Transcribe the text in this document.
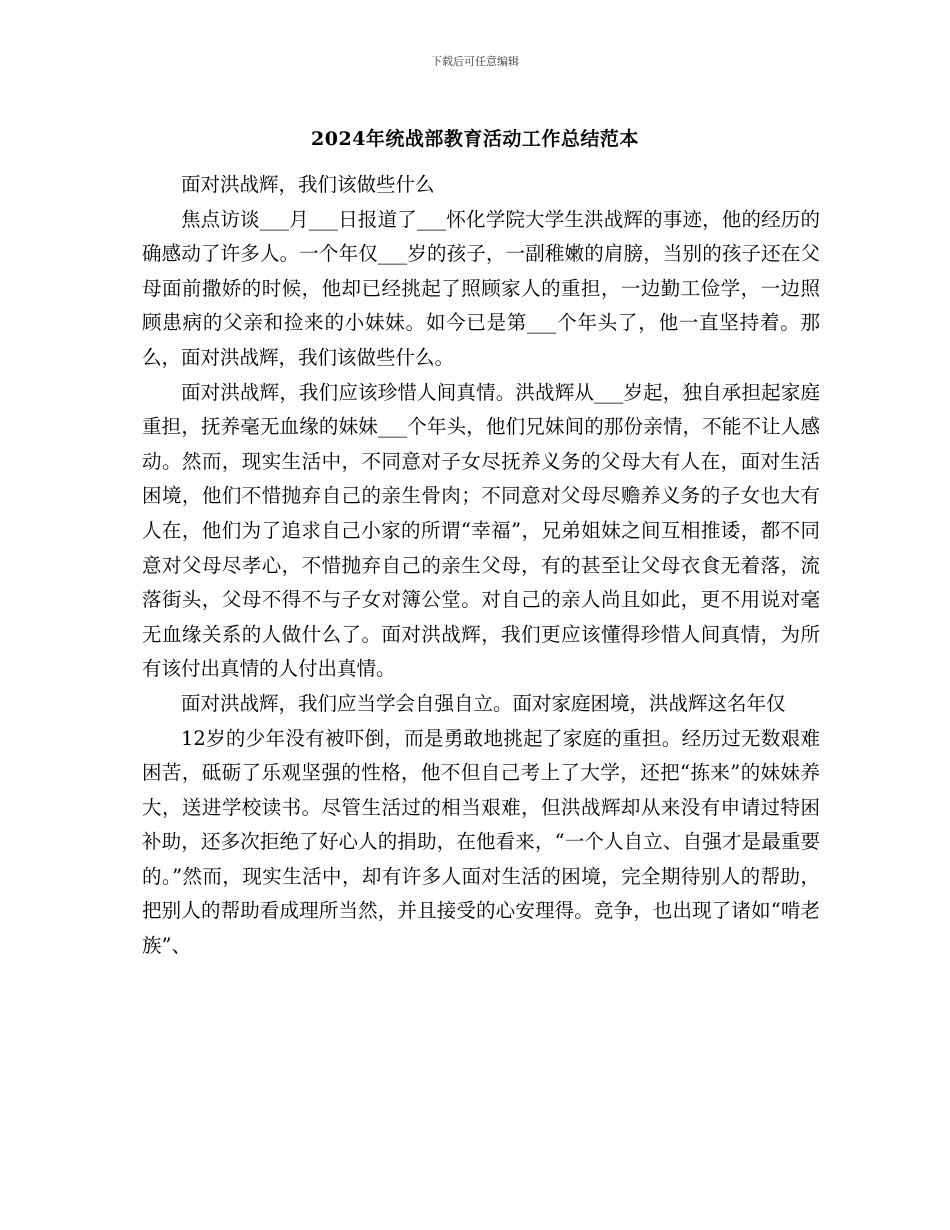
下载后可任意编辑
2024年统战部教育活动工作总结范本

面对洪战辉，我们该做些什么

焦点访谈___月___日报道了___怀化学院大学生洪战辉的事迹，他的经历的确感动了许多人。一个年仅___岁的孩子，一副稚嫩的肩膀，当别的孩子还在父母面前撒娇的时候，他却已经挑起了照顾家人的重担，一边勤工俭学，一边照顾患病的父亲和捡来的小妹妹。如今已是第___个年头了，他一直坚持着。那么，面对洪战辉，我们该做些什么。

面对洪战辉，我们应该珍惜人间真情。洪战辉从___岁起，独自承担起家庭重担，抚养毫无血缘的妹妹___个年头，他们兄妹间的那份亲情，不能不让人感动。然而，现实生活中，不同意对子女尽抚养义务的父母大有人在，面对生活困境，他们不惜抛弃自己的亲生骨肉；不同意对父母尽赡养义务的子女也大有人在，他们为了追求自己小家的所谓“幸福”，兄弟姐妹之间互相推诿，都不同意对父母尽孝心，不惜抛弃自己的亲生父母，有的甚至让父母衣食无着落，流落街头，父母不得不与子女对簿公堂。对自己的亲人尚且如此，更不用说对毫无血缘关系的人做什么了。面对洪战辉，我们更应该懂得珍惜人间真情，为所有该付出真情的人付出真情。

面对洪战辉，我们应当学会自强自立。面对家庭困境，洪战辉这名年仅

12岁的少年没有被吓倒，而是勇敢地挑起了家庭的重担。经历过无数艰难困苦，砥砺了乐观坚强的性格，他不但自己考上了大学，还把“拣来”的妹妹养大，送进学校读书。尽管生活过的相当艰难，但洪战辉却从来没有申请过特困补助，还多次拒绝了好心人的捐助，在他看来，“一个人自立、自强才是最重要的。”然而，现实生活中，却有许多人面对生活的困境，完全期待别人的帮助，把别人的帮助看成理所当然，并且接受的心安理得。竞争，也出现了诸如“啃老族”、
